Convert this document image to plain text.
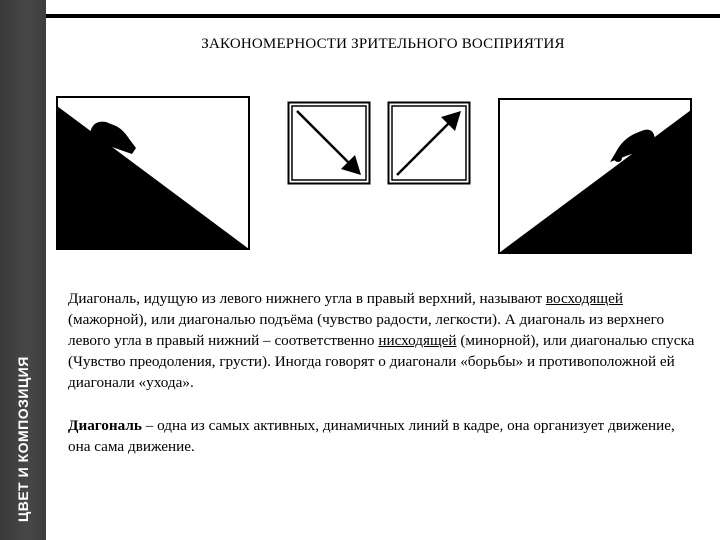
ЦВЕТ И КОМПОЗИЦИЯ
ЗАКОНОМЕРНОСТИ ЗРИТЕЛЬНОГО ВОСПРИЯТИЯ

Диагональ, идущую из левого нижнего угла в правый верхний, называют восходящей (мажорной), или диагональю подъёма (чувство радости, легкости). А диагональ из верхнего левого угла в правый нижний – соответственно нисходящей (минорной), или диагональю спуска (Чувство преодоления, грусти). Иногда говорят о диагонали «борьбы» и противоположной ей диагонали «ухода».

Диагональ – одна из самых активных, динамичных линий в кадре, она организует движение, она сама движение.
